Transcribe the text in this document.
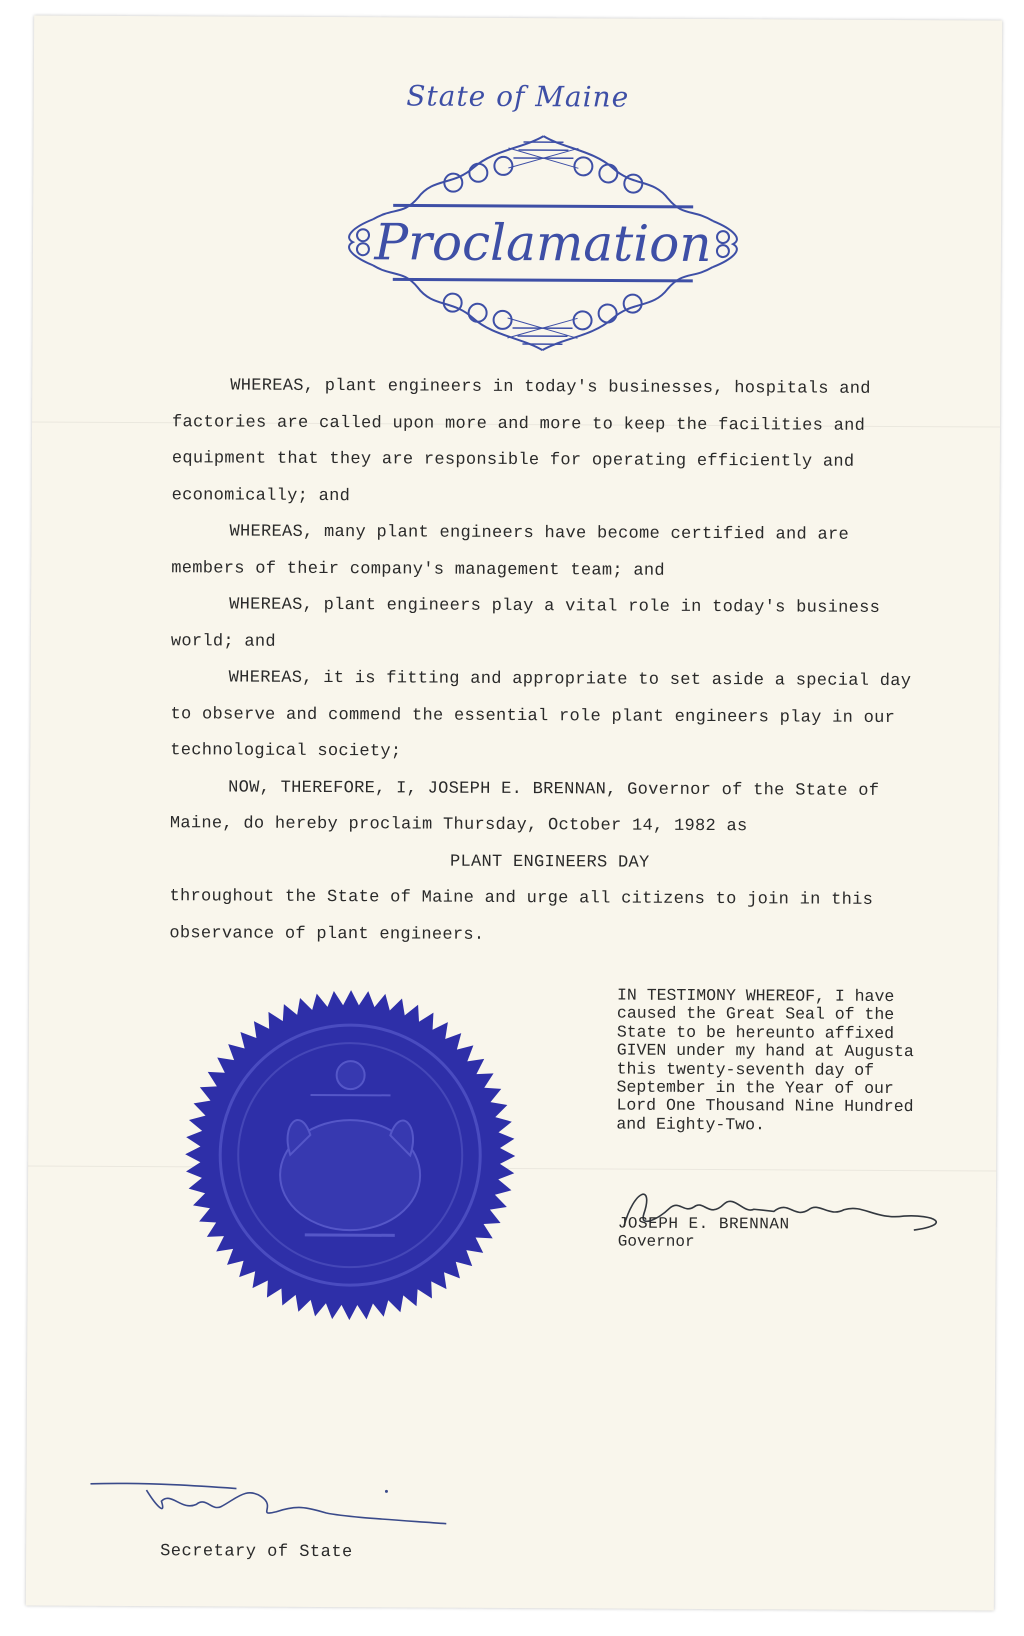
State of Maine
Proclamation

WHEREAS, plant engineers in today's businesses, hospitals and factories are called upon more and more to keep the facilities and equipment that they are responsible for operating efficiently and economically; and

WHEREAS, many plant engineers have become certified and are members of their company's management team; and

WHEREAS, plant engineers play a vital role in today's business world; and

WHEREAS, it is fitting and appropriate to set aside a special day to observe and commend the essential role plant engineers play in our technological society;

NOW, THEREFORE, I, JOSEPH E. BRENNAN, Governor of the State of Maine, do hereby proclaim Thursday, October 14, 1982 as

PLANT ENGINEERS DAY

throughout the State of Maine and urge all citizens to join in this observance of plant engineers.

IN TESTIMONY WHEREOF, I have
caused the Great Seal of the
State to be hereunto affixed
GIVEN under my hand at Augusta
this twenty-seventh day of
September in the Year of our
Lord One Thousand Nine Hundred
and Eighty-Two.
JOSEPH E. BRENNAN
Governor
Secretary of State
